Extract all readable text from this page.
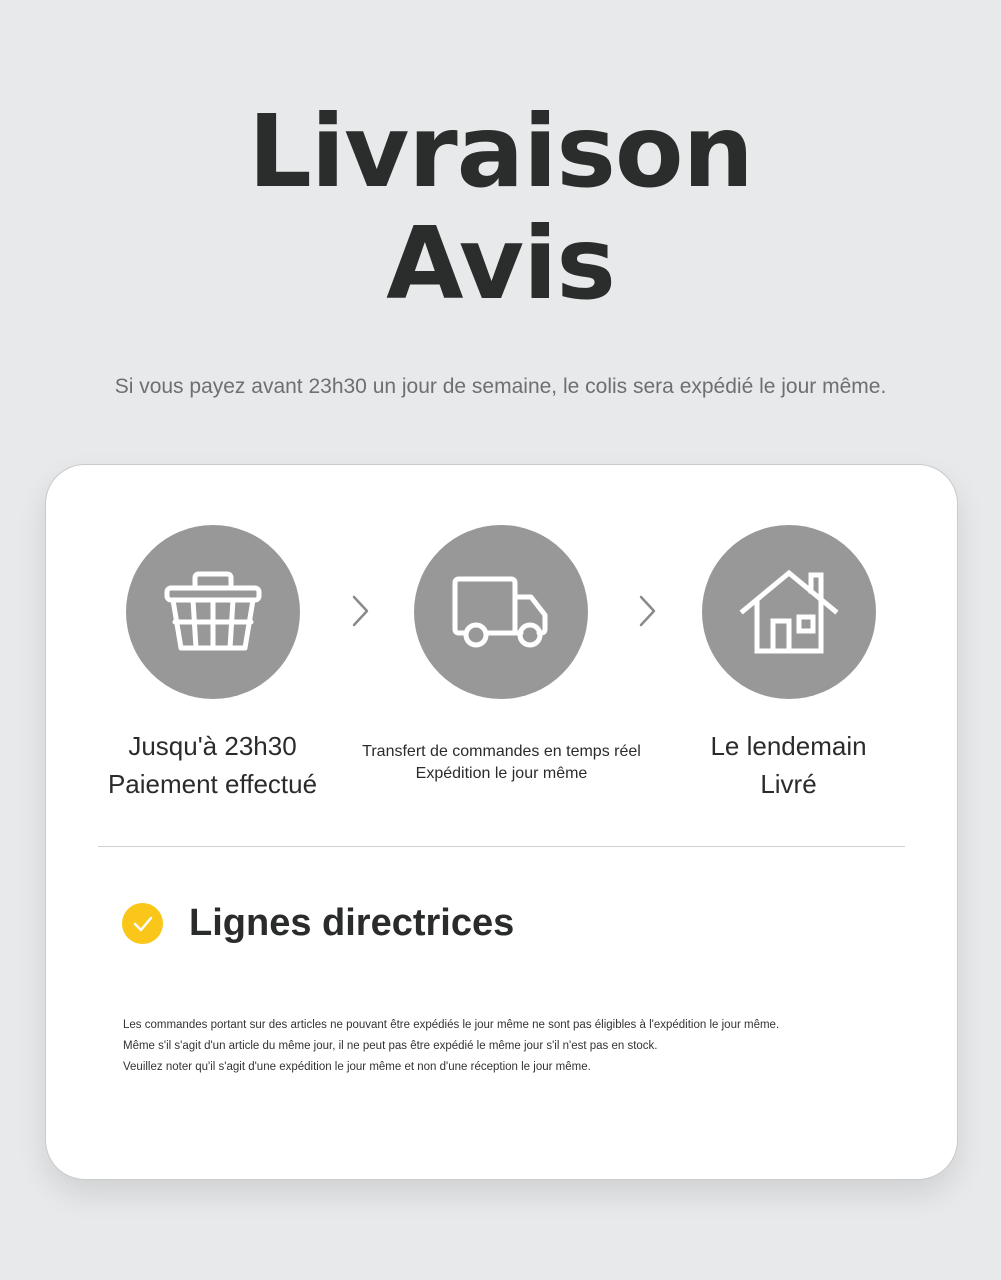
Livraison
Avis

Si vous payez avant 23h30 un jour de semaine, le colis sera expédié le jour même.

Jusqu'à 23h30
Paiement effectué
Transfert de commandes en temps réel
Expédition le jour même
Le lendemain
Livré
Lignes directrices
Les commandes portant sur des articles ne pouvant être expédiés le jour même ne sont pas éligibles à l'expédition le jour même.
Même s'il s'agit d'un article du même jour, il ne peut pas être expédié le même jour s'il n'est pas en stock.
Veuillez noter qu'il s'agit d'une expédition le jour même et non d'une réception le jour même.
